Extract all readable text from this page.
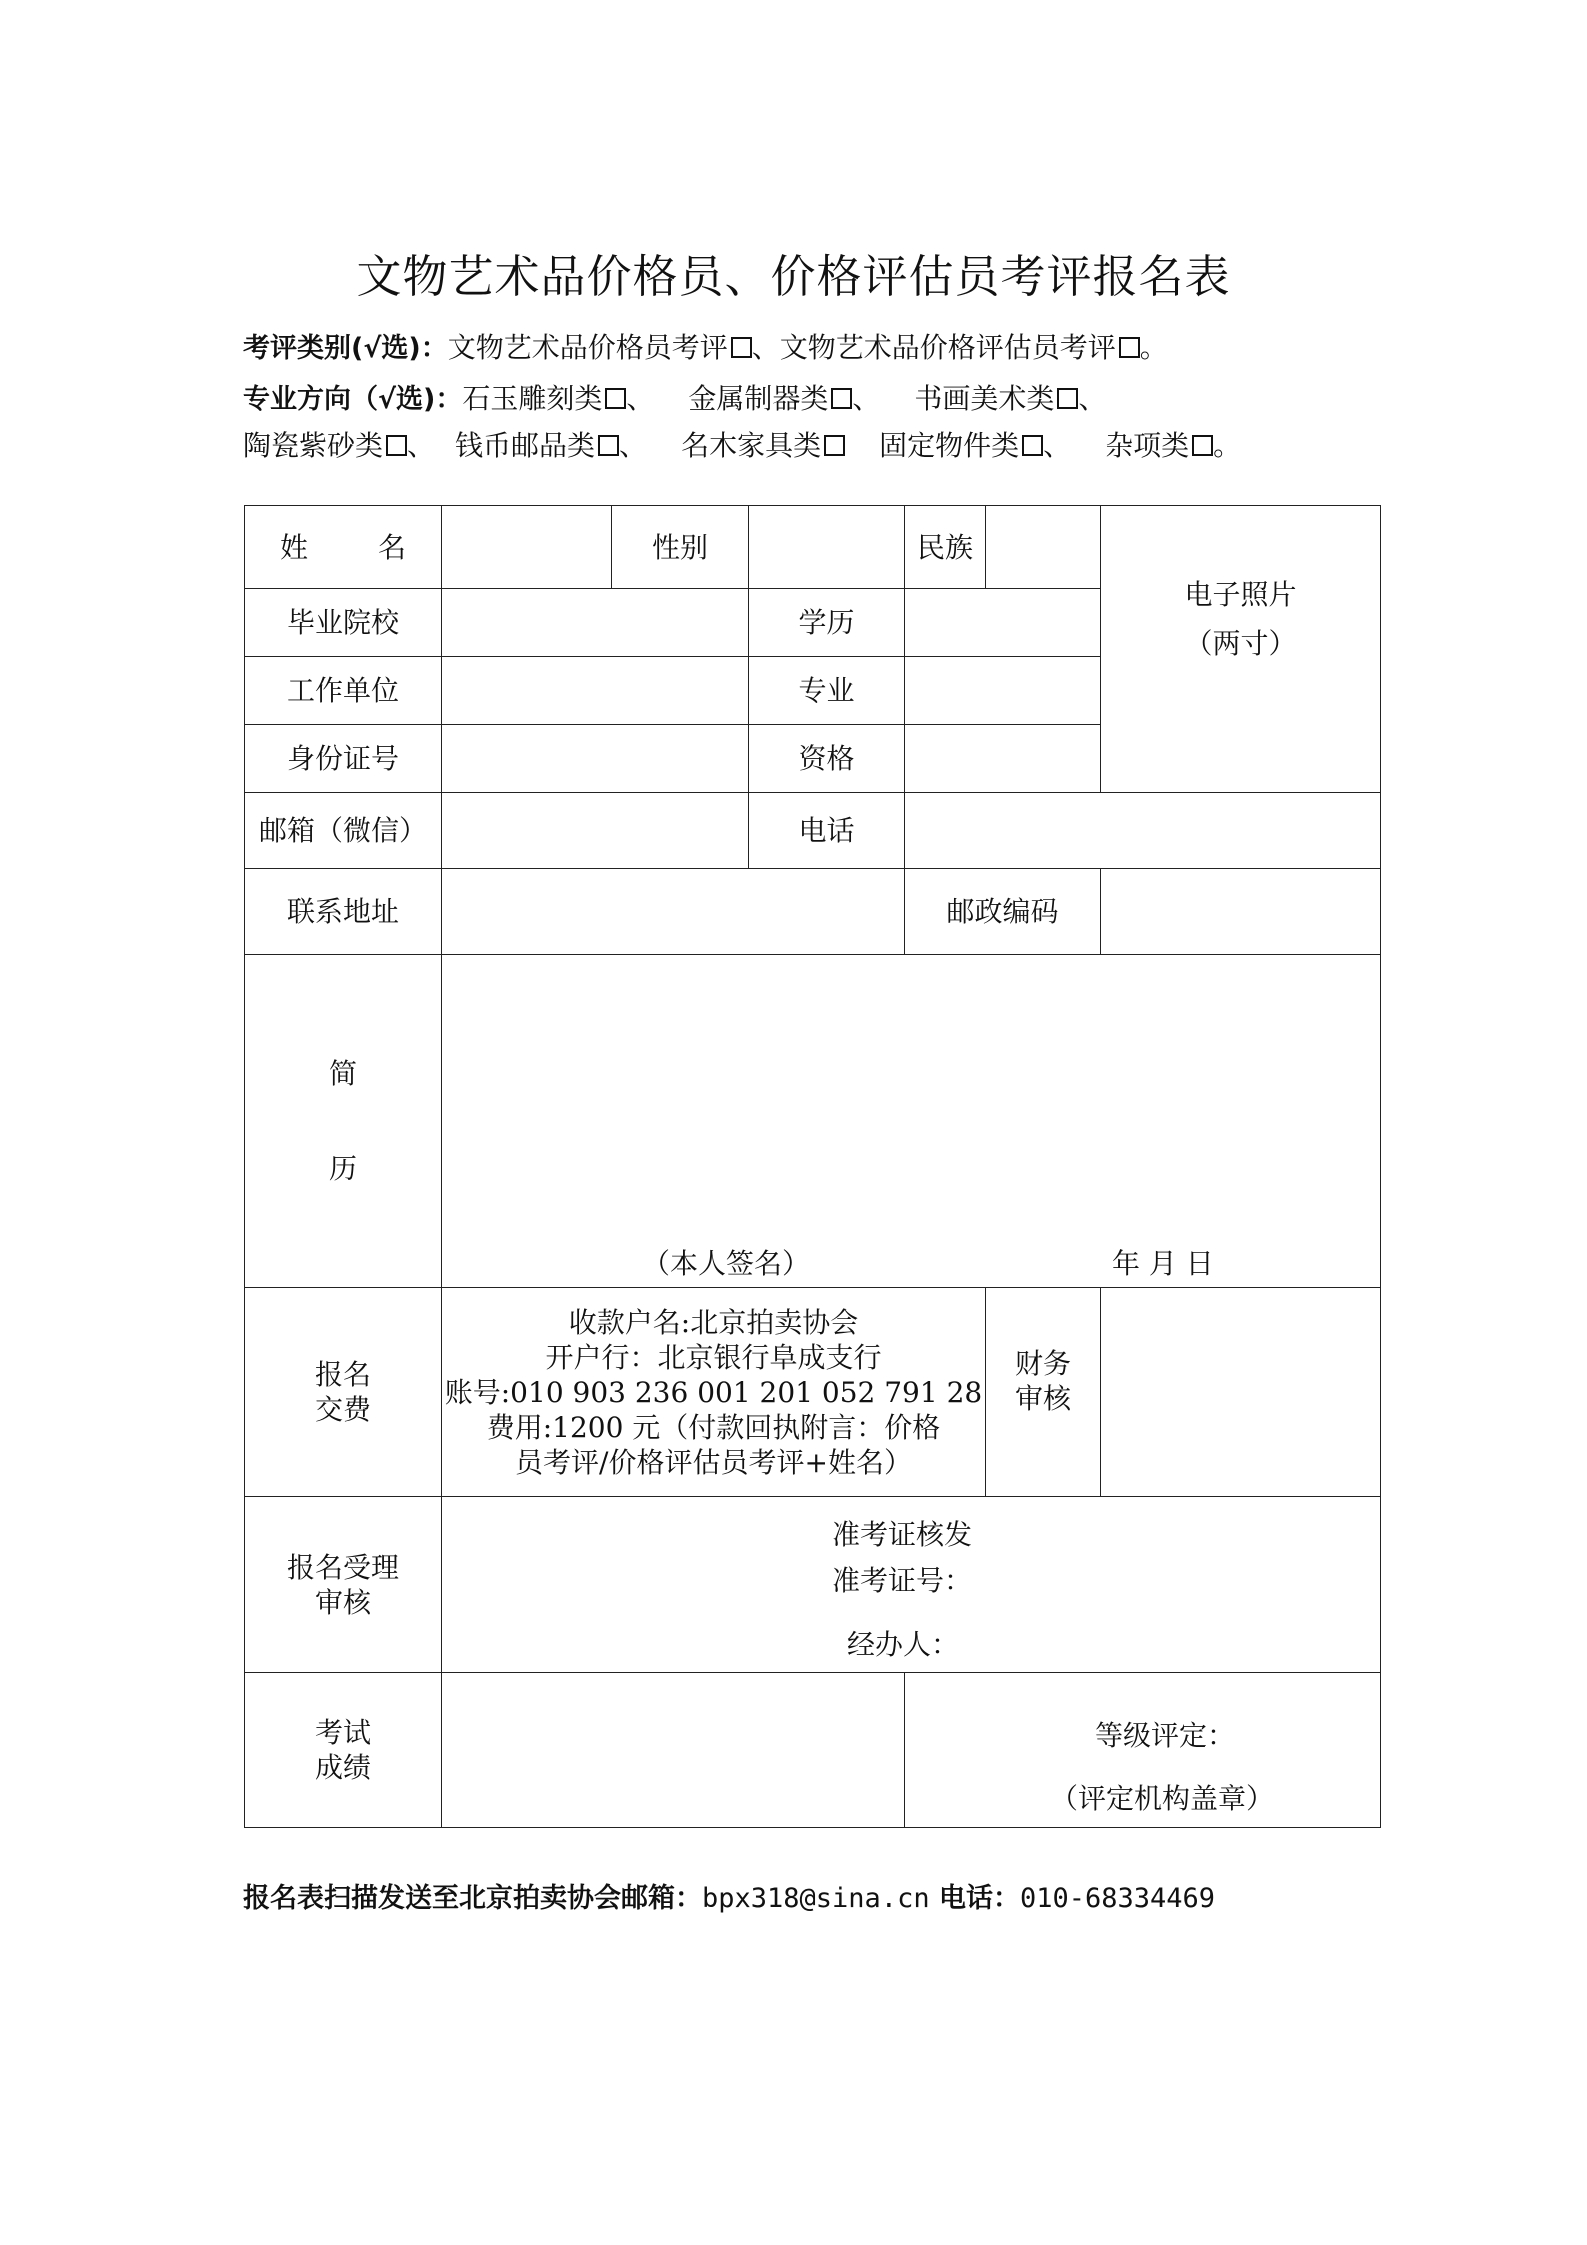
文物艺术品价格员、价格评估员考评报名表
考评类别(√选)：文物艺术品价格员考评 、文物艺术品价格评估员考评 。
专业方向（√选)：石玉雕刻类 、 金属制器类 、 书画美术类 、
陶瓷紫砂类 、 钱币邮品类 、 名木家具类 固定物件类 、 杂项类 。
姓 名		性别		民族		电子照片
（两寸）

毕业院校			学历			
工作单位			专业			
身份证号			资格			
邮箱（微信）			电话			
联系地址				邮政编码		

简
历	（本人签名） 年 月 日					

报名
交费	收款户名:北京拍卖协会
开户行：北京银行阜成支行
账号:010 903 236 001 201 052 791 28
费用:1200 元（付款回执附言：价格
员考评/价格评估员考评+姓名）				财务
审核	

报名受理
审核	准考证核发
准考证号：
经办人：					

考试
成绩				等级评定：
（评定机构盖章）		
报名表扫描发送至北京拍卖协会邮箱：bpx318@sina.cn 电话：010-68334469
